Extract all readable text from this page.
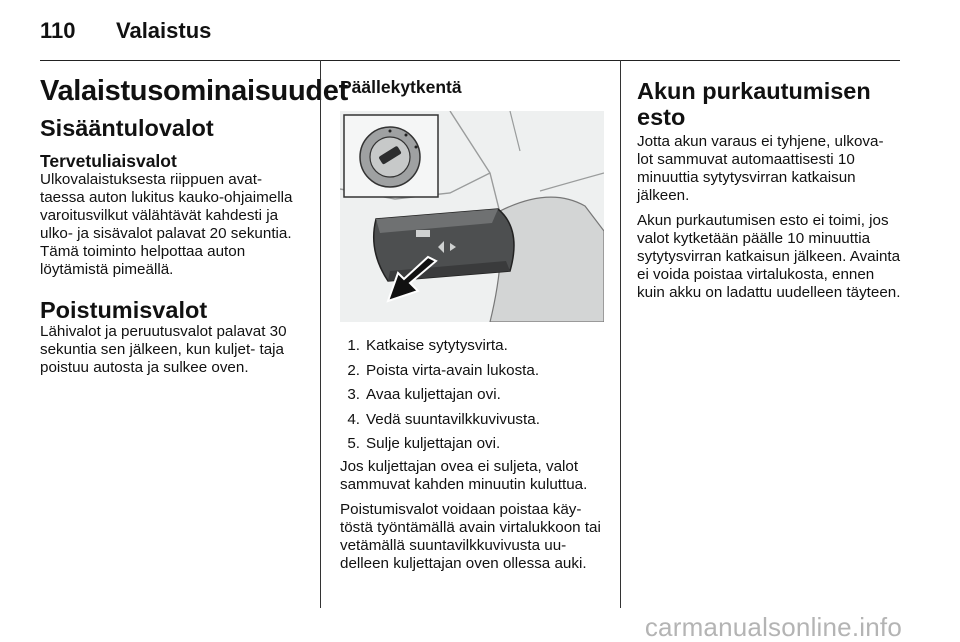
110	Valaistus
Valaistusominaisuudet
Sisääntulovalot
Tervetuliaisvalot
Ulkovalaistuksesta riippuen avat- taessa auton lukitus kauko-ohjaimella varoitusvilkut välähtävät kahdesti ja ulko- ja sisävalot palavat 20 sekuntia. Tämä toiminto helpottaa auton löytämistä pimeällä.
Poistumisvalot
Lähivalot ja peruutusvalot palavat 30 sekuntia sen jälkeen, kun kuljet- taja poistuu autosta ja sulkee oven.
Päällekytkentä
1. Katkaise sytytysvirta.
2. Poista virta-avain lukosta.
3. Avaa kuljettajan ovi.
4. Vedä suuntavilkkuvivusta.
5. Sulje kuljettajan ovi.
Jos kuljettajan ovea ei suljeta, valot sammuvat kahden minuutin kuluttua.
Poistumisvalot voidaan poistaa käy- töstä työntämällä avain virtalukkoon tai vetämällä suuntavilkkuvivusta uu- delleen kuljettajan oven ollessa auki.
Akun purkautumisen esto
Jotta akun varaus ei tyhjene, ulkova- lot sammuvat automaattisesti 10 minuuttia sytytysvirran katkaisun jälkeen.
Akun purkautumisen esto ei toimi, jos valot kytketään päälle 10 minuuttia sytytysvirran katkaisun jälkeen. Avainta ei voida poistaa virtalukosta, ennen kuin akku on ladattu uudelleen täyteen.
carmanualsonline.info
